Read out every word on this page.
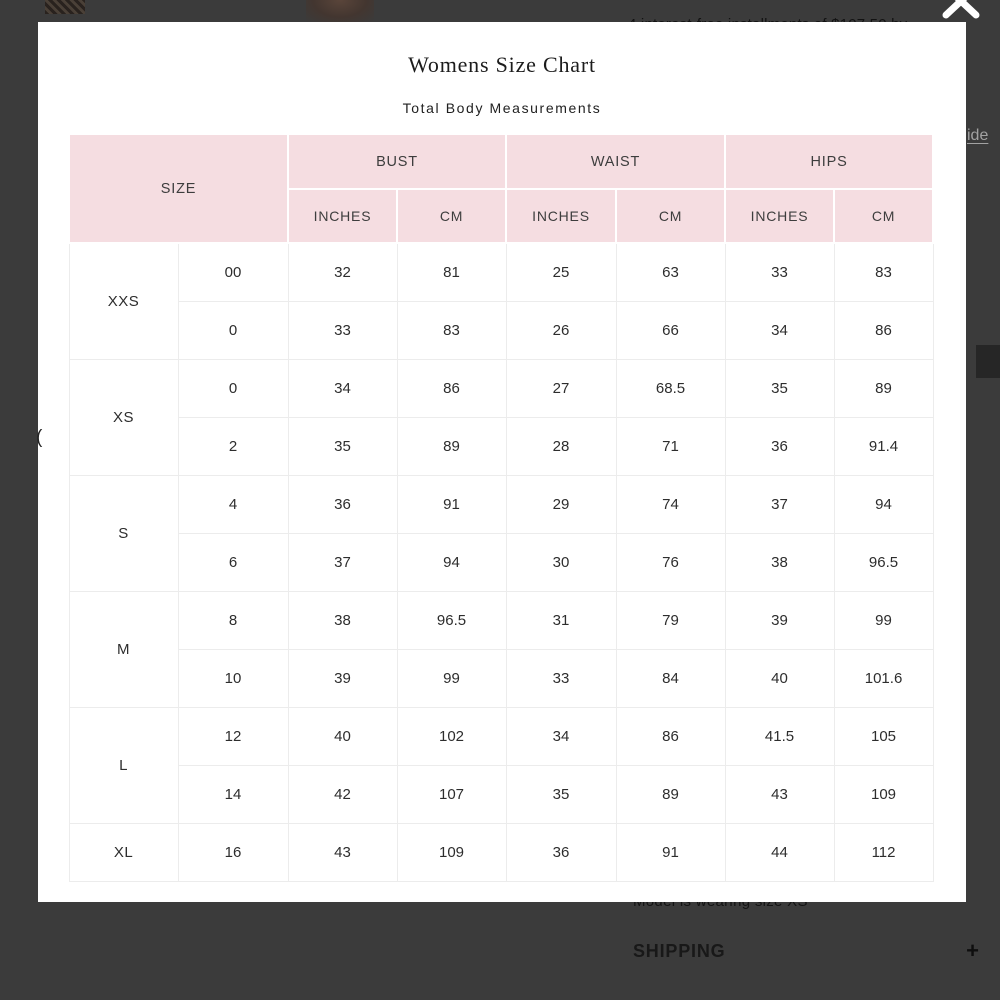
ide
(
SHIPPING	+
Womens Size Chart
Total Body Measurements
SIZE		BUST		WAIST		HIPS	
		INCHES	CM	INCHES	CM	INCHES	CM
XXS	00	32	81	25	63	33	83
	0	33	83	26	66	34	86
XS	0	34	86	27	68.5	35	89
	2	35	89	28	71	36	91.4
S	4	36	91	29	74	37	94
	6	37	94	30	76	38	96.5
M	8	38	96.5	31	79	39	99
	10	39	99	33	84	40	101.6
L	12	40	102	34	86	41.5	105
	14	42	107	35	89	43	109
XL	16	43	109	36	91	44	112
